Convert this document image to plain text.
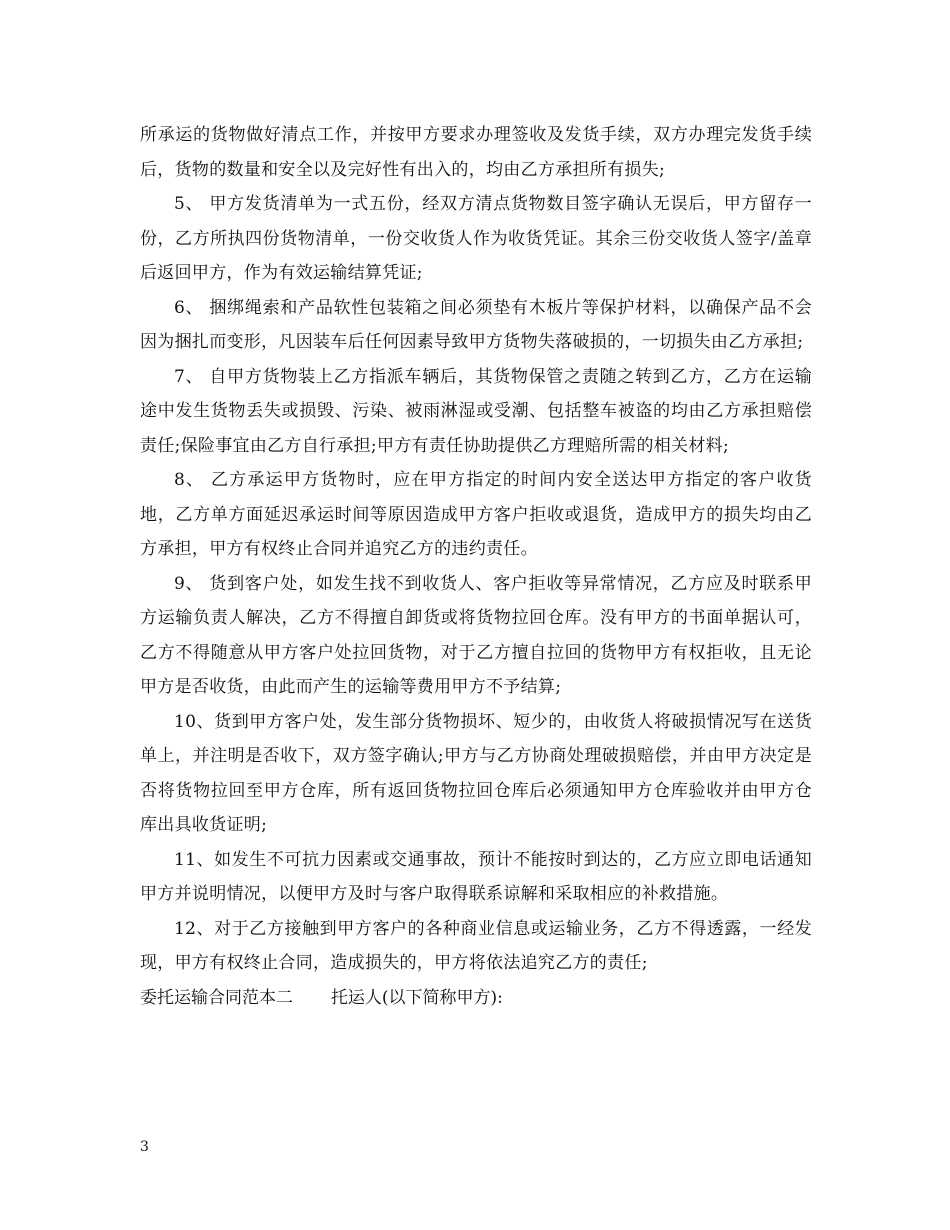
所承运的货物做好清点工作，并按甲方要求办理签收及发货手续，双方办理完发货手续后，货物的数量和安全以及完好性有出入的，均由乙方承担所有损失;

5、 甲方发货清单为一式五份，经双方清点货物数目签字确认无误后，甲方留存一份，乙方所执四份货物清单，一份交收货人作为收货凭证。其余三份交收货人签字/盖章后返回甲方，作为有效运输结算凭证;

6、 捆绑绳索和产品软性包装箱之间必须垫有木板片等保护材料，以确保产品不会因为捆扎而变形，凡因装车后任何因素导致甲方货物失落破损的，一切损失由乙方承担;

7、 自甲方货物装上乙方指派车辆后，其货物保管之责随之转到乙方，乙方在运输途中发生货物丢失或损毁、污染、被雨淋湿或受潮、包括整车被盗的均由乙方承担赔偿责任;保险事宜由乙方自行承担;甲方有责任协助提供乙方理赔所需的相关材料;

8、 乙方承运甲方货物时，应在甲方指定的时间内安全送达甲方指定的客户收货地，乙方单方面延迟承运时间等原因造成甲方客户拒收或退货，造成甲方的损失均由乙方承担，甲方有权终止合同并追究乙方的违约责任。

9、 货到客户处，如发生找不到收货人、客户拒收等异常情况，乙方应及时联系甲方运输负责人解决，乙方不得擅自卸货或将货物拉回仓库。没有甲方的书面单据认可，乙方不得随意从甲方客户处拉回货物，对于乙方擅自拉回的货物甲方有权拒收，且无论甲方是否收货，由此而产生的运输等费用甲方不予结算;

10、货到甲方客户处，发生部分货物损坏、短少的，由收货人将破损情况写在送货单上，并注明是否收下，双方签字确认;甲方与乙方协商处理破损赔偿，并由甲方决定是否将货物拉回至甲方仓库，所有返回货物拉回仓库后必须通知甲方仓库验收并由甲方仓库出具收货证明;

11、如发生不可抗力因素或交通事故，预计不能按时到达的，乙方应立即电话通知甲方并说明情况，以便甲方及时与客户取得联系谅解和采取相应的补救措施。

12、对于乙方接触到甲方客户的各种商业信息或运输业务，乙方不得透露，一经发现，甲方有权终止合同，造成损失的，甲方将依法追究乙方的责任;

委托运输合同范本二       托运人(以下简称甲方):

3
